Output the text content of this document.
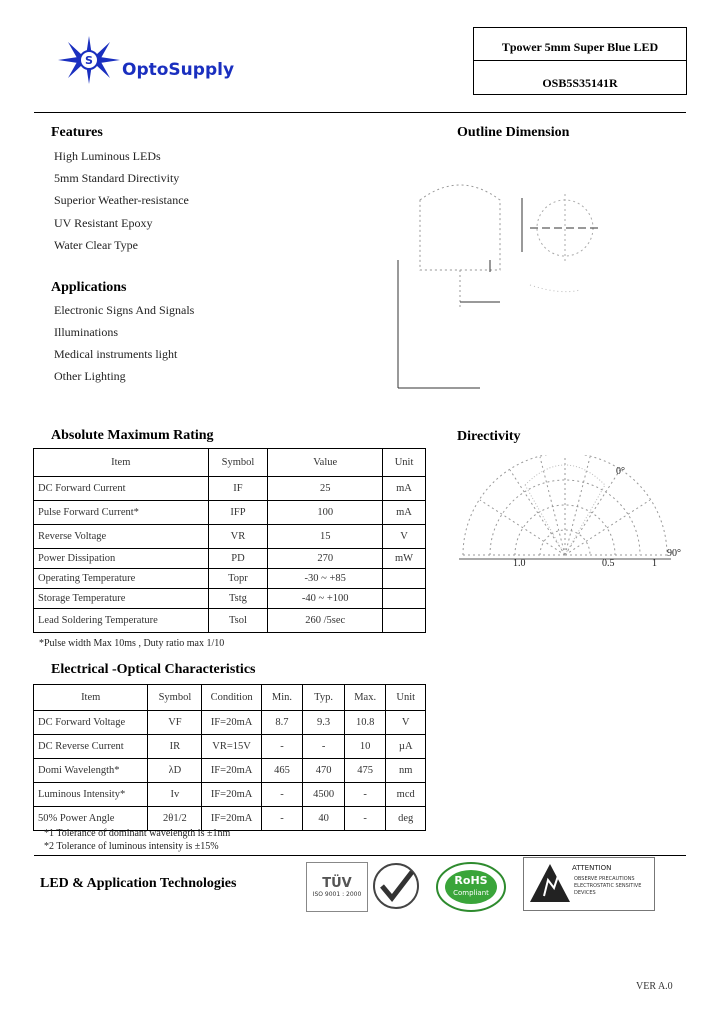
S OptoSupply
Tpower 5mm Super Blue LED
OSB5S35141R
Features
High Luminous LEDs
5mm Standard Directivity
Superior Weather-resistance
UV Resistant Epoxy
Water Clear Type
Applications
Electronic Signs And Signals
Illuminations
Medical instruments light
Other Lighting
Outline Dimension
Absolute Maximum Rating
Item	Symbol	Value	Unit
DC Forward Current	IF	25	mA
Pulse Forward Current*	IFP	100	mA
Reverse Voltage	VR	15	V
Power Dissipation	PD	270	mW
Operating Temperature	Topr	-30 ~ +85	
Storage Temperature	Tstg	-40 ~ +100	
Lead Soldering Temperature	Tsol	260 /5sec	
*Pulse width Max 10ms , Duty ratio max 1/10
Directivity
0°
90°
1.0	0.5	1
Electrical -Optical Characteristics
Item	Symbol	Condition	Min.	Typ.	Max.	Unit
DC Forward Voltage	VF	IF=20mA	8.7	9.3	10.8	V
DC Reverse Current	IR	VR=15V	-	-	10	µA
Domi Wavelength*	λD	IF=20mA	465	470	475	nm
Luminous Intensity*	Iv	IF=20mA	-	4500	-	mcd
50% Power Angle	2θ1/2	IF=20mA	-	40	-	deg
*1 Tolerance of dominant wavelength is ±1nm
*2 Tolerance of luminous intensity is ±15%
LED & Application Technologies	TÜV
ISO 9001 : 2000
RoHS
Compliant
ATTENTION
OBSERVE PRECAUTIONS ELECTROSTATIC SENSITIVE DEVICES
VER A.0
